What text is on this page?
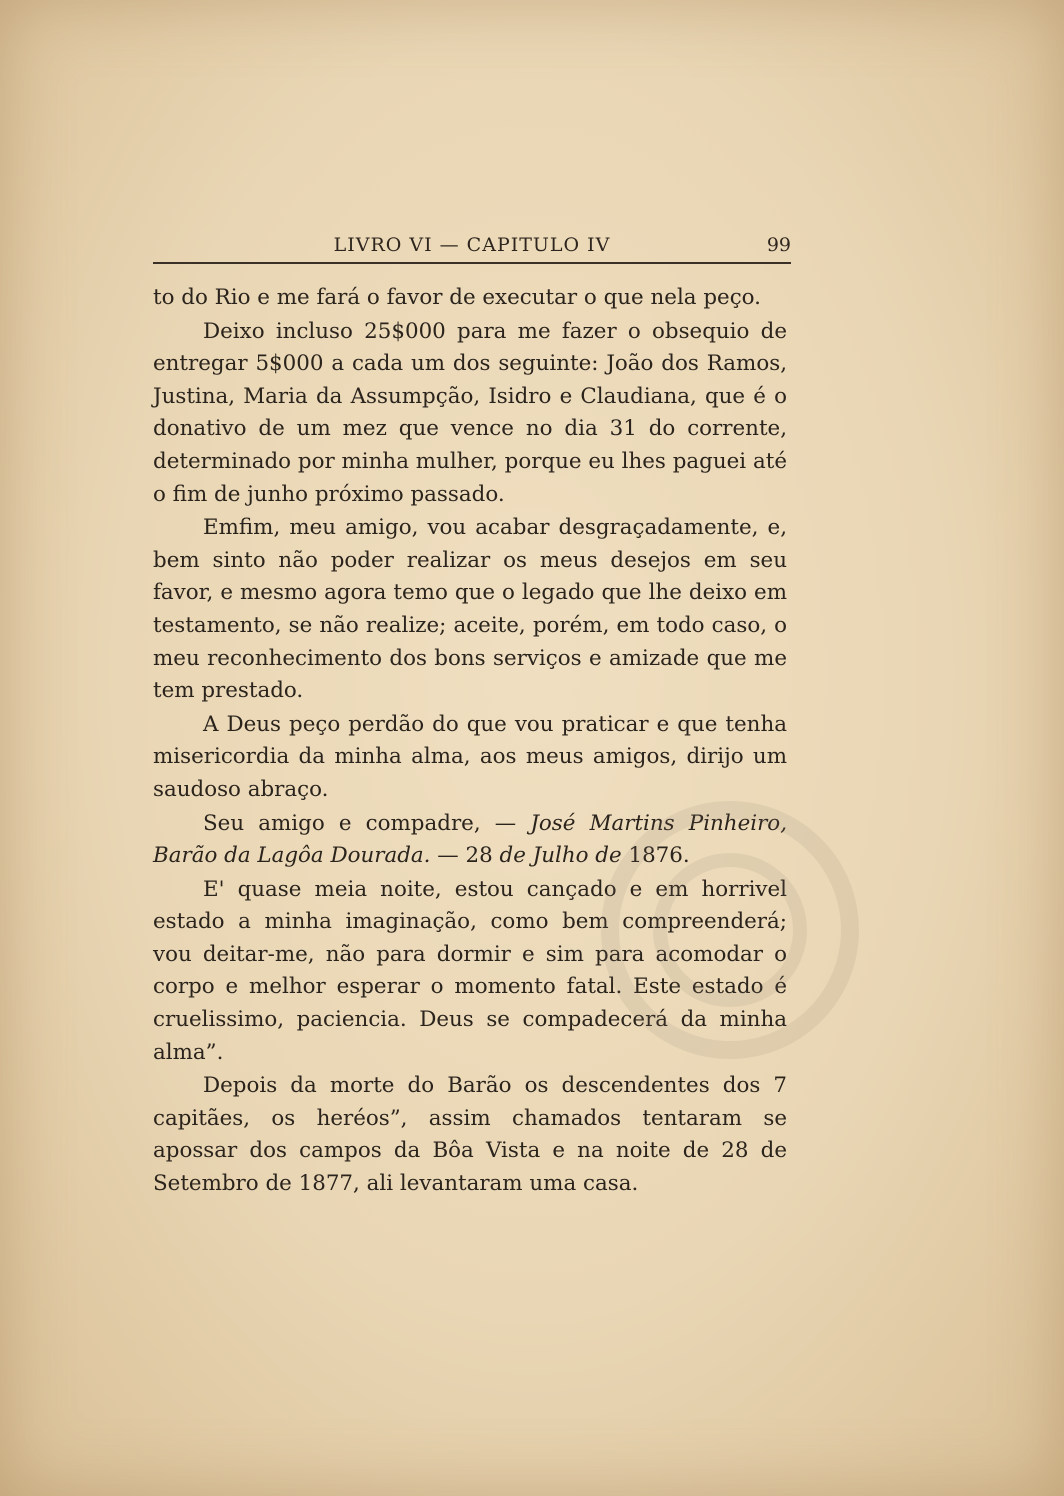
LIVRO VI — CAPITULO IV	99

to do Rio e me fará o favor de executar o que nela peço.

Deixo incluso 25$000 para me fazer o obsequio de entregar 5$000 a cada um dos seguinte: João dos Ramos, Justina, Maria da Assumpção, Isidro e Claudiana, que é o donativo de um mez que vence no dia 31 do corrente, determinado por minha mulher, porque eu lhes paguei até o fim de junho próximo passado.

Emfim, meu amigo, vou acabar desgraçadamente, e, bem sinto não poder realizar os meus desejos em seu favor, e mesmo agora temo que o legado que lhe deixo em testamento, se não realize; aceite, porém, em todo caso, o meu reconhecimento dos bons serviços e amizade que me tem prestado.

A Deus peço perdão do que vou praticar e que tenha misericordia da minha alma, aos meus amigos, dirijo um saudoso abraço.

Seu amigo e compadre, — José Martins Pinheiro, Barão da Lagôa Dourada. — 28 de Julho de 1876.

E' quase meia noite, estou cançado e em horrivel estado a minha imaginação, como bem compreenderá; vou deitar-me, não para dormir e sim para acomodar o corpo e melhor esperar o momento fatal. Este estado é cruelissimo, paciencia. Deus se compadecerá da minha alma”.

Depois da morte do Barão os descendentes dos 7 capitães, os heréos”, assim chamados tentaram se apossar dos campos da Bôa Vista e na noite de 28 de Setembro de 1877, ali levantaram uma casa.
